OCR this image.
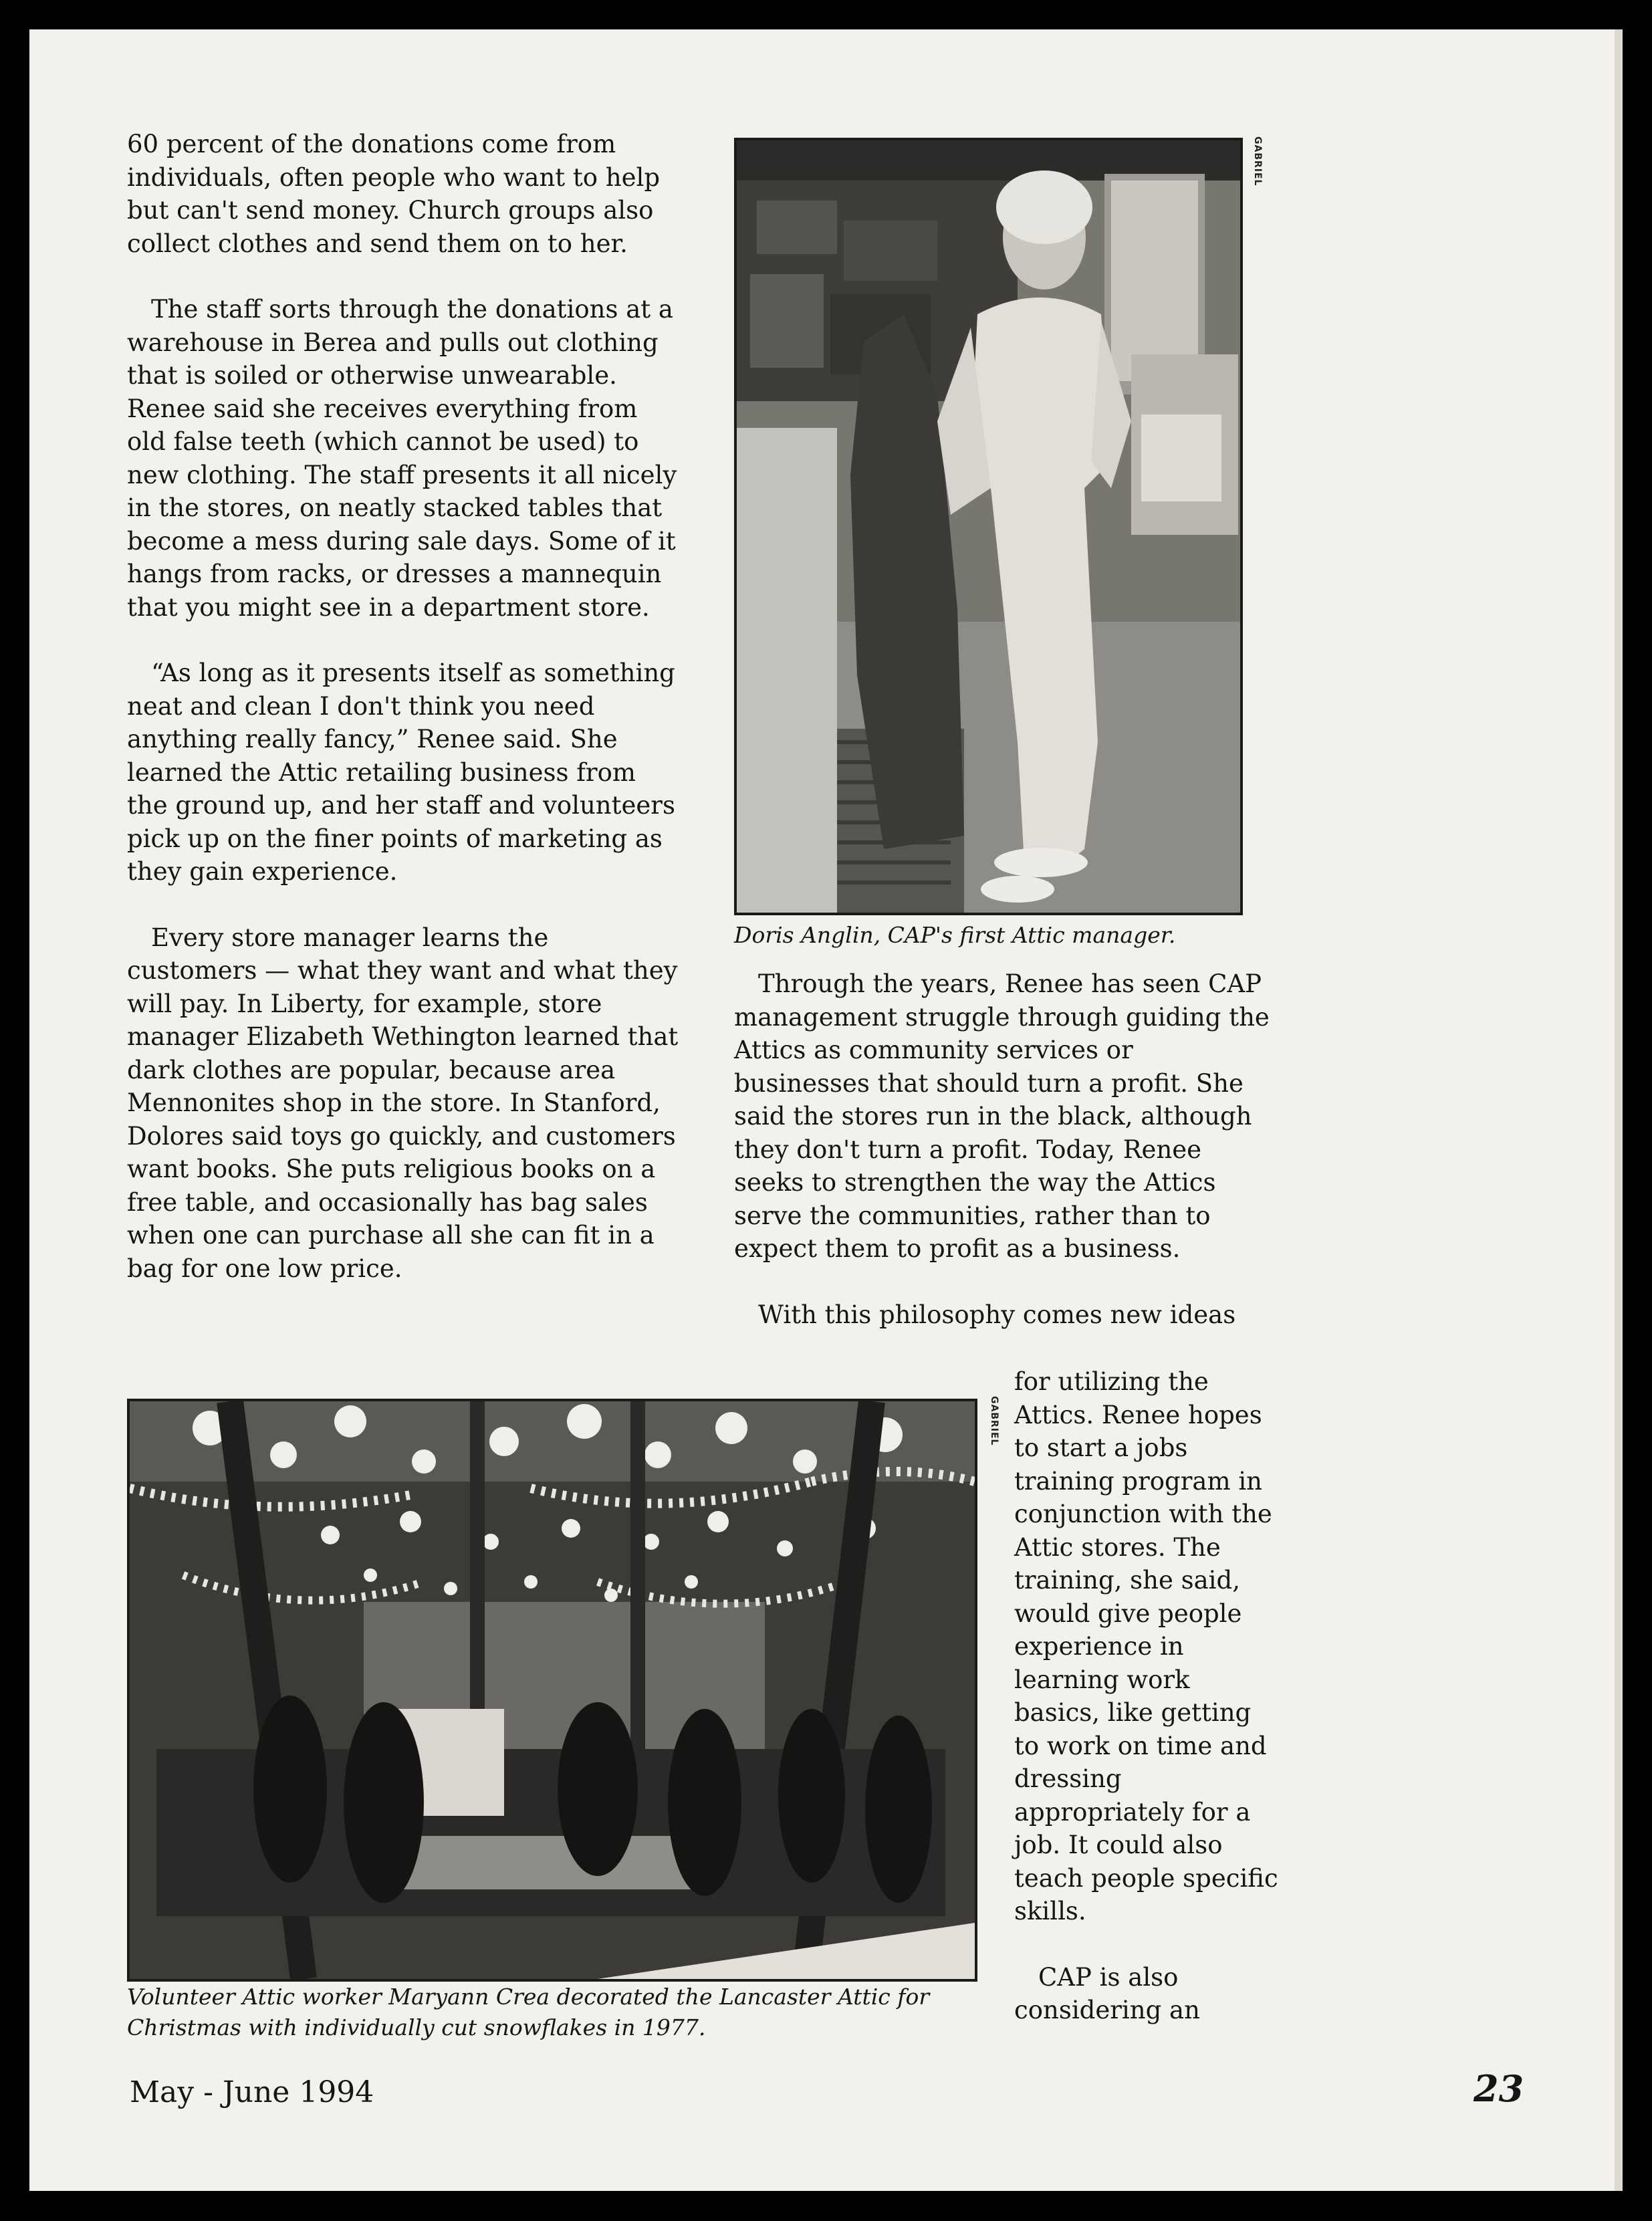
60 percent of the donations come from individuals, often people who want to help but can't send money. Church groups also collect clothes and send them on to her.

The staff sorts through the donations at a warehouse in Berea and pulls out clothing that is soiled or otherwise unwearable. Renee said she receives everything from old false teeth (which cannot be used) to new clothing. The staff presents it all nicely in the stores, on neatly stacked tables that become a mess during sale days. Some of it hangs from racks, or dresses a mannequin that you might see in a department store.

“As long as it presents itself as something neat and clean I don't think you need anything really fancy,” Renee said. She learned the Attic retailing business from the ground up, and her staff and volunteers pick up on the finer points of marketing as they gain experience.

Every store manager learns the customers — what they want and what they will pay. In Liberty, for example, store manager Elizabeth Wethington learned that dark clothes are popular, because area Mennonites shop in the store. In Stanford, Dolores said toys go quickly, and customers want books. She puts religious books on a free table, and occasionally has bag sales when one can purchase all she can fit in a bag for one low price.

GABRIEL
Doris Anglin, CAP's first Attic manager.

Through the years, Renee has seen CAP management struggle through guiding the Attics as community services or businesses that should turn a profit. She said the stores run in the black, although they don't turn a profit. Today, Renee seeks to strengthen the way the Attics serve the communities, rather than to expect them to profit as a business.

With this philosophy comes new ideas

for utilizing the Attics. Renee hopes to start a jobs training program in conjunction with the Attic stores. The training, she said, would give people experience in learning work basics, like getting to work on time and dressing appropriately for a job. It could also teach people specific skills.

CAP is also considering an

GABRIEL
Volunteer Attic worker Maryann Crea decorated the Lancaster Attic for Christmas with individually cut snowflakes in 1977.
May - June 1994	23
